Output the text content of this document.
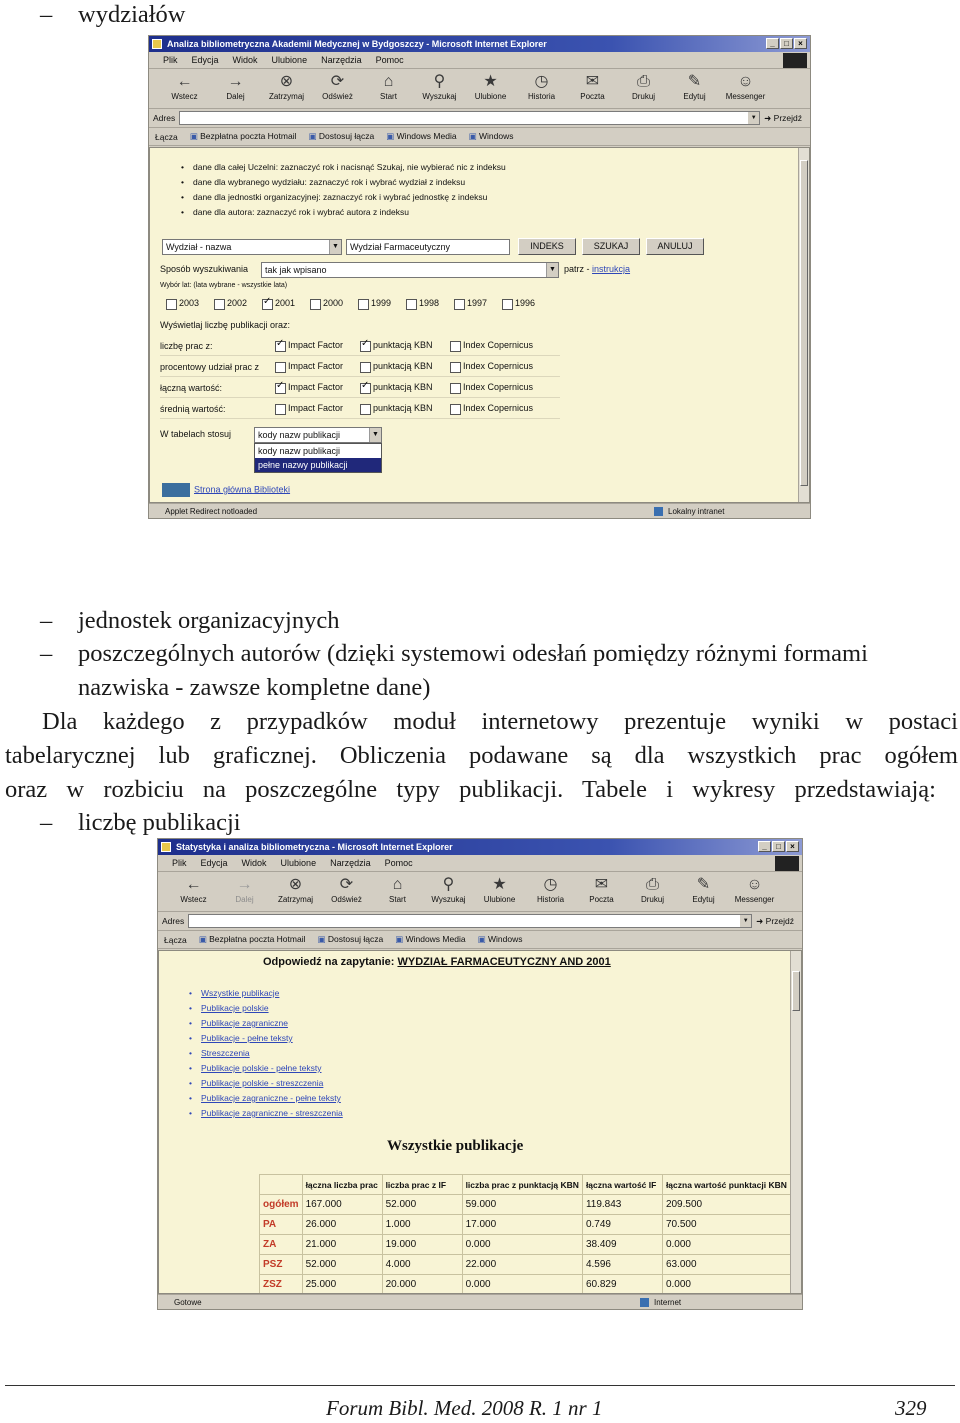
– wydziałów
Analiza bibliometryczna Akademii Medycznej w Bydgoszczy - Microsoft Internet Explorer	_	□	×
Plik Edycja Widok Ulubione Narzędzia Pomoc
←
Wstecz
→
Dalej
⊗
Zatrzymaj
⟳
Odśwież
⌂
Start
⚲
Wyszukaj
★
Ulubione
◷
Historia
✉
Poczta
⎙
Drukuj
✎
Edytuj
☺
Messenger
Adres	▼ ➜ Przejdź
Łącza	▣ Bezpłatna poczta Hotmail	▣ Dostosuj łącza	▣ Windows Media	▣ Windows
• dane dla całej Uczelni: zaznaczyć rok i nacisnąć Szukaj, nie wybierać nic z indeksu
• dane dla wybranego wydziału: zaznaczyć rok i wybrać wydział z indeksu
• dane dla jednostki organizacyjnej: zaznaczyć rok i wybrać jednostkę z indeksu
• dane dla autora: zaznaczyć rok i wybrać autora z indeksu
Wydział - nazwa	▼	Wydział Farmaceutyczny	INDEKS	SZUKAJ	ANULUJ
Sposób wyszukiwania	tak jak wpisano	▼ patrz - instrukcja
Wybór lat: (lata wybrane - wszystkie lata)
2003	2002	2001 ✓	2000	1999	1998	1997	1996
Wyświetlaj liczbę publikacji oraz:
liczbę prac z:	Impact Factor ✓	punktacją KBN ✓	Index Copernicus
procentowy udział prac z	Impact Factor	punktacją KBN	Index Copernicus
łączną wartość:	Impact Factor ✓	punktacją KBN ✓	Index Copernicus
średnią wartość:	Impact Factor	punktacją KBN	Index Copernicus
W tabelach stosuj	kody nazw publikacji	▼
kody nazw publikacji
pełne nazwy publikacji
Strona główna Biblioteki
Applet Redirect notloaded	Lokalny intranet
– jednostek organizacyjnych
– poszczególnych autorów (dzięki systemowi odesłań pomiędzy różnymi formami
nazwiska - zawsze kompletne dane)
Dla każdego z przypadków moduł internetowy prezentuje wyniki w postaci
tabelarycznej lub graficznej. Obliczenia podawane są dla wszystkich prac ogółem
oraz w rozbiciu na poszczególne typy publikacji. Tabele i wykresy przedstawiają:
– liczbę publikacji
Statystyka i analiza bibliometryczna - Microsoft Internet Explorer	_	□	×
Plik Edycja Widok Ulubione Narzędzia Pomoc
←
Wstecz
→
Dalej
⊗
Zatrzymaj
⟳
Odśwież
⌂
Start
⚲
Wyszukaj
★
Ulubione
◷
Historia
✉
Poczta
⎙
Drukuj
✎
Edytuj
☺
Messenger
Adres	▼ ➜ Przejdź
Łącza	▣ Bezpłatna poczta Hotmail	▣ Dostosuj łącza	▣ Windows Media	▣ Windows
Odpowiedź na zapytanie: WYDZIAŁ FARMACEUTYCZNY AND 2001
• Wszystkie publikacje
• Publikacje polskie
• Publikacje zagraniczne
• Publikacje - pełne teksty
• Streszczenia
• Publikacje polskie - pełne teksty
• Publikacje polskie - streszczenia
• Publikacje zagraniczne - pełne teksty
• Publikacje zagraniczne - streszczenia
Wszystkie publikacje
	łączna liczba prac	liczba prac z IF	liczba prac z punktacją KBN	łączna wartość IF	łączna wartość punktacji KBN
ogółem	167.000	52.000	59.000	119.843	209.500
PA	26.000	1.000	17.000	0.749	70.500
ZA	21.000	19.000	0.000	38.409	0.000
PSZ	52.000	4.000	22.000	4.596	63.000
ZSZ	25.000	20.000	0.000	60.829	0.000
Gotowe	Internet
Forum Bibl. Med. 2008 R. 1 nr 1	329
